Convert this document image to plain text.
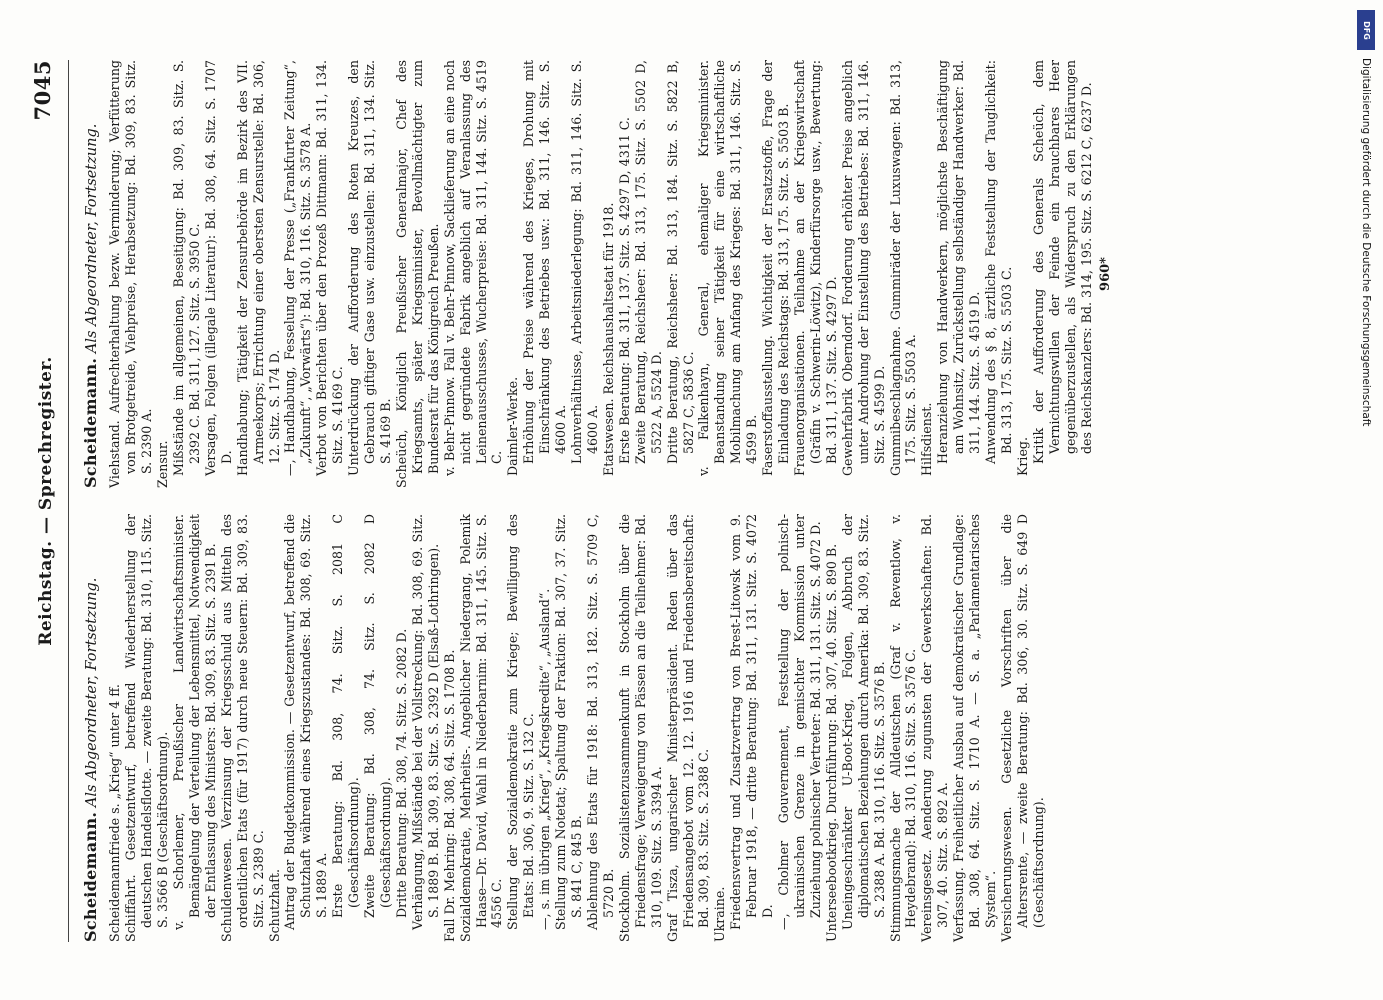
Reichstag. — Sprechregister.
7045
Scheidemann. Als Abgeordneter, Fortsetzung. Scheidemannfriede s. „Krieg“ unter 4 ff. Schiffahrt. Gesetzentwurf, betreffend Wiederherstellung der deutschen Handelsflotte. — zweite Beratung: Bd. 310, 115. Sitz. S. 3566 B (Geschäftsordnung). v. Schorlemer, Preußischer Landwirtschaftsminister. Bemängelung der Verteilung der Lebensmittel, Notwendigkeit der Entlassung des Ministers: Bd. 309, 83. Sitz. S. 2391 B. Schuldenwesen. Verzinsung der Kriegsschuld aus Mitteln des ordentlichen Etats (für 1917) durch neue Steuern: Bd. 309, 83. Sitz. S. 2389 C. Schutzhaft. Antrag der Budgetkommission. — Gesetzentwurf, betreffend die Schutzhaft während eines Kriegszustandes: Bd. 308, 69. Sitz. S. 1889 A. Erste Beratung: Bd. 308, 74. Sitz. S. 2081 C (Geschäftsordnung). Zweite Beratung: Bd. 308, 74. Sitz. S. 2082 D (Geschäftsordnung). Dritte Beratung: Bd. 308, 74. Sitz. S. 2082 D. Verhängung, Mißstände bei der Vollstreckung: Bd. 308, 69. Sitz. S. 1889 B. Bd. 309, 83. Sitz. S. 2392 D (Elsaß-Lothringen). Fall Dr. Mehring: Bd. 308, 64. Sitz. S. 1708 B. Sozialdemokratie, Mehrheits-. Angeblicher Niedergang, Polemik Haase—Dr. David, Wahl in Niederbarnim: Bd. 311, 145. Sitz. S. 4556 C. Stellung der Sozialdemokratie zum Kriege; Bewilligung des Etats: Bd. 306, 9. Sitz. S. 132 C. —, s. im übrigen „Krieg“, „Kriegskredite“, „Ausland“. Stellung zum Notetat; Spaltung der Fraktion: Bd. 307, 37. Sitz. S. 841 C, 845 B. Ablehnung des Etats für 1918: Bd. 313, 182. Sitz. S. 5709 C, 5720 B. Stockholm. Sozialistenzusammenkunft in Stockholm über die Friedensfrage; Verweigerung von Pässen an die Teilnehmer: Bd. 310, 109. Sitz. S. 3394 A. Graf Tisza, ungarischer Ministerpräsident. Reden über das Friedensangebot vom 12. 12. 1916 und Friedensbereitschaft: Bd. 309, 83. Sitz. S. 2388 C. Ukraine. Friedensvertrag und Zusatzvertrag von Brest-Litowsk vom 9. Februar 1918, — dritte Beratung: Bd. 311, 131. Sitz. S. 4072 D. —, Cholmer Gouvernement, Feststellung der polnisch-ukrainischen Grenze in gemischter Kommission unter Zuziehung polnischer Vertreter: Bd. 311, 131. Sitz. S. 4072 D. Unterseebootkrieg. Durchführung: Bd. 307, 40. Sitz. S. 890 B. Uneingeschränkter U-Boot-Krieg, Folgen, Abbruch der diplomatischen Beziehungen durch Amerika: Bd. 309, 83. Sitz. S. 2388 A. Bd. 310, 116. Sitz. S. 3576 B. Stimmungsmache der Alldeutschen (Graf v. Reventlow, v. Heydebrand): Bd. 310, 116. Sitz. S. 3576 C. Vereinsgesetz. Aenderung zugunsten der Gewerkschaften: Bd. 307, 40. Sitz. S. 892 A. Verfassung. Freiheitlicher Ausbau auf demokratischer Grundlage: Bd. 308, 64. Sitz. S. 1710 A. — S. a. „Parlamentarisches System“. Versicherungswesen. Gesetzliche Vorschriften über die Altersrente, — zweite Beratung: Bd. 306, 30. Sitz. S. 649 D (Geschäftsordnung).

Scheidemann. Als Abgeordneter, Fortsetzung. Viehstand. Aufrechterhaltung bezw. Verminderung; Verfütterung von Brotgetreide, Viehpreise, Herabsetzung: Bd. 309, 83. Sitz. S. 2390 A. Zensur. Mißstände im allgemeinen, Beseitigung: Bd. 309, 83. Sitz. S. 2392 C. Bd. 311, 127. Sitz. S. 3950 C. Versagen, Folgen (illegale Literatur): Bd. 308, 64. Sitz. S. 1707 D. Handhabung; Tätigkeit der Zensurbehörde im Bezirk des VII. Armeekorps; Errichtung einer obersten Zensurstelle: Bd. 306, 12. Sitz. S. 174 D. —, Handhabung, Fesselung der Presse („Frankfurter Zeitung“, „Zukunft“, „Vorwärts“): Bd. 310, 116. Sitz. S. 3578 A. Verbot von Berichten über den Prozeß Dittmann: Bd. 311, 134. Sitz. S. 4169 C. Unterdrückung der Aufforderung des Roten Kreuzes, den Gebrauch giftiger Gase usw. einzustellen: Bd. 311, 134. Sitz. S. 4169 B. Scheüch, Königlich Preußischer Generalmajor, Chef des Kriegsamts, später Kriegsminister, Bevollmächtigter zum Bundesrat für das Königreich Preußen. v. Behr-Pinnow. Fall v. Behr-Pinnow, Sacklieferung an eine noch nicht gegründete Fabrik angeblich auf Veranlassung des Leinenausschusses, Wucherpreise: Bd. 311, 144. Sitz. S. 4519 C. Daimler-Werke. Erhöhung der Preise während des Krieges, Drohung mit Einschränkung des Betriebes usw.: Bd. 311, 146. Sitz. S. 4600 A. Lohnverhältnisse, Arbeitsniederlegung: Bd. 311, 146. Sitz. S. 4600 A. Etatswesen. Reichshaushaltsetat für 1918. Erste Beratung: Bd. 311, 137. Sitz. S. 4297 D, 4311 C. Zweite Beratung, Reichsheer: Bd. 313, 175. Sitz. S. 5502 D, 5522 A, 5524 D. Dritte Beratung, Reichsheer: Bd. 313, 184. Sitz. S. 5822 B, 5827 C, 5836 C. v. Falkenhayn, General, ehemaliger Kriegsminister. Beanstandung seiner Tätigkeit für eine wirtschaftliche Mobilmachung am Anfang des Krieges: Bd. 311, 146. Sitz. S. 4599 B. Faserstoffausstellung. Wichtigkeit der Ersatzstoffe, Frage der Einladung des Reichstags: Bd. 313, 175. Sitz. S. 5503 B. Frauenorganisationen. Teilnahme an der Kriegswirtschaft (Gräfin v. Schwerin-Löwitz), Kinderfürsorge usw., Bewertung: Bd. 311, 137. Sitz. S. 4297 D. Gewehrfabrik Oberndorf. Forderung erhöhter Preise angeblich unter Androhung der Einstellung des Betriebes: Bd. 311, 146. Sitz. S. 4599 D. Gummibeschlagnahme. Gummiräder der Luxuswagen: Bd. 313, 175. Sitz. S. 5503 A. Hilfsdienst. Heranziehung von Handwerkern, möglichste Beschäftigung am Wohnsitz, Zurückstellung selbständiger Handwerker: Bd. 311, 144. Sitz. S. 4519 D. Anwendung des § 8, ärztliche Feststellung der Tauglichkeit: Bd. 313, 175. Sitz. S. 5503 C.

Krieg. Kritik der Aufforderung des Generals Scheüch, dem Vernichtungswillen der Feinde ein brauchbares Heer gegenüberzustellen, als Widerspruch zu den Erklärungen des Reichskanzlers: Bd. 314, 195. Sitz. S. 6212 C, 6237 D. 960*
DFG
Digitalisierung gefördert durch die Deutsche Forschungsgemeinschaft
